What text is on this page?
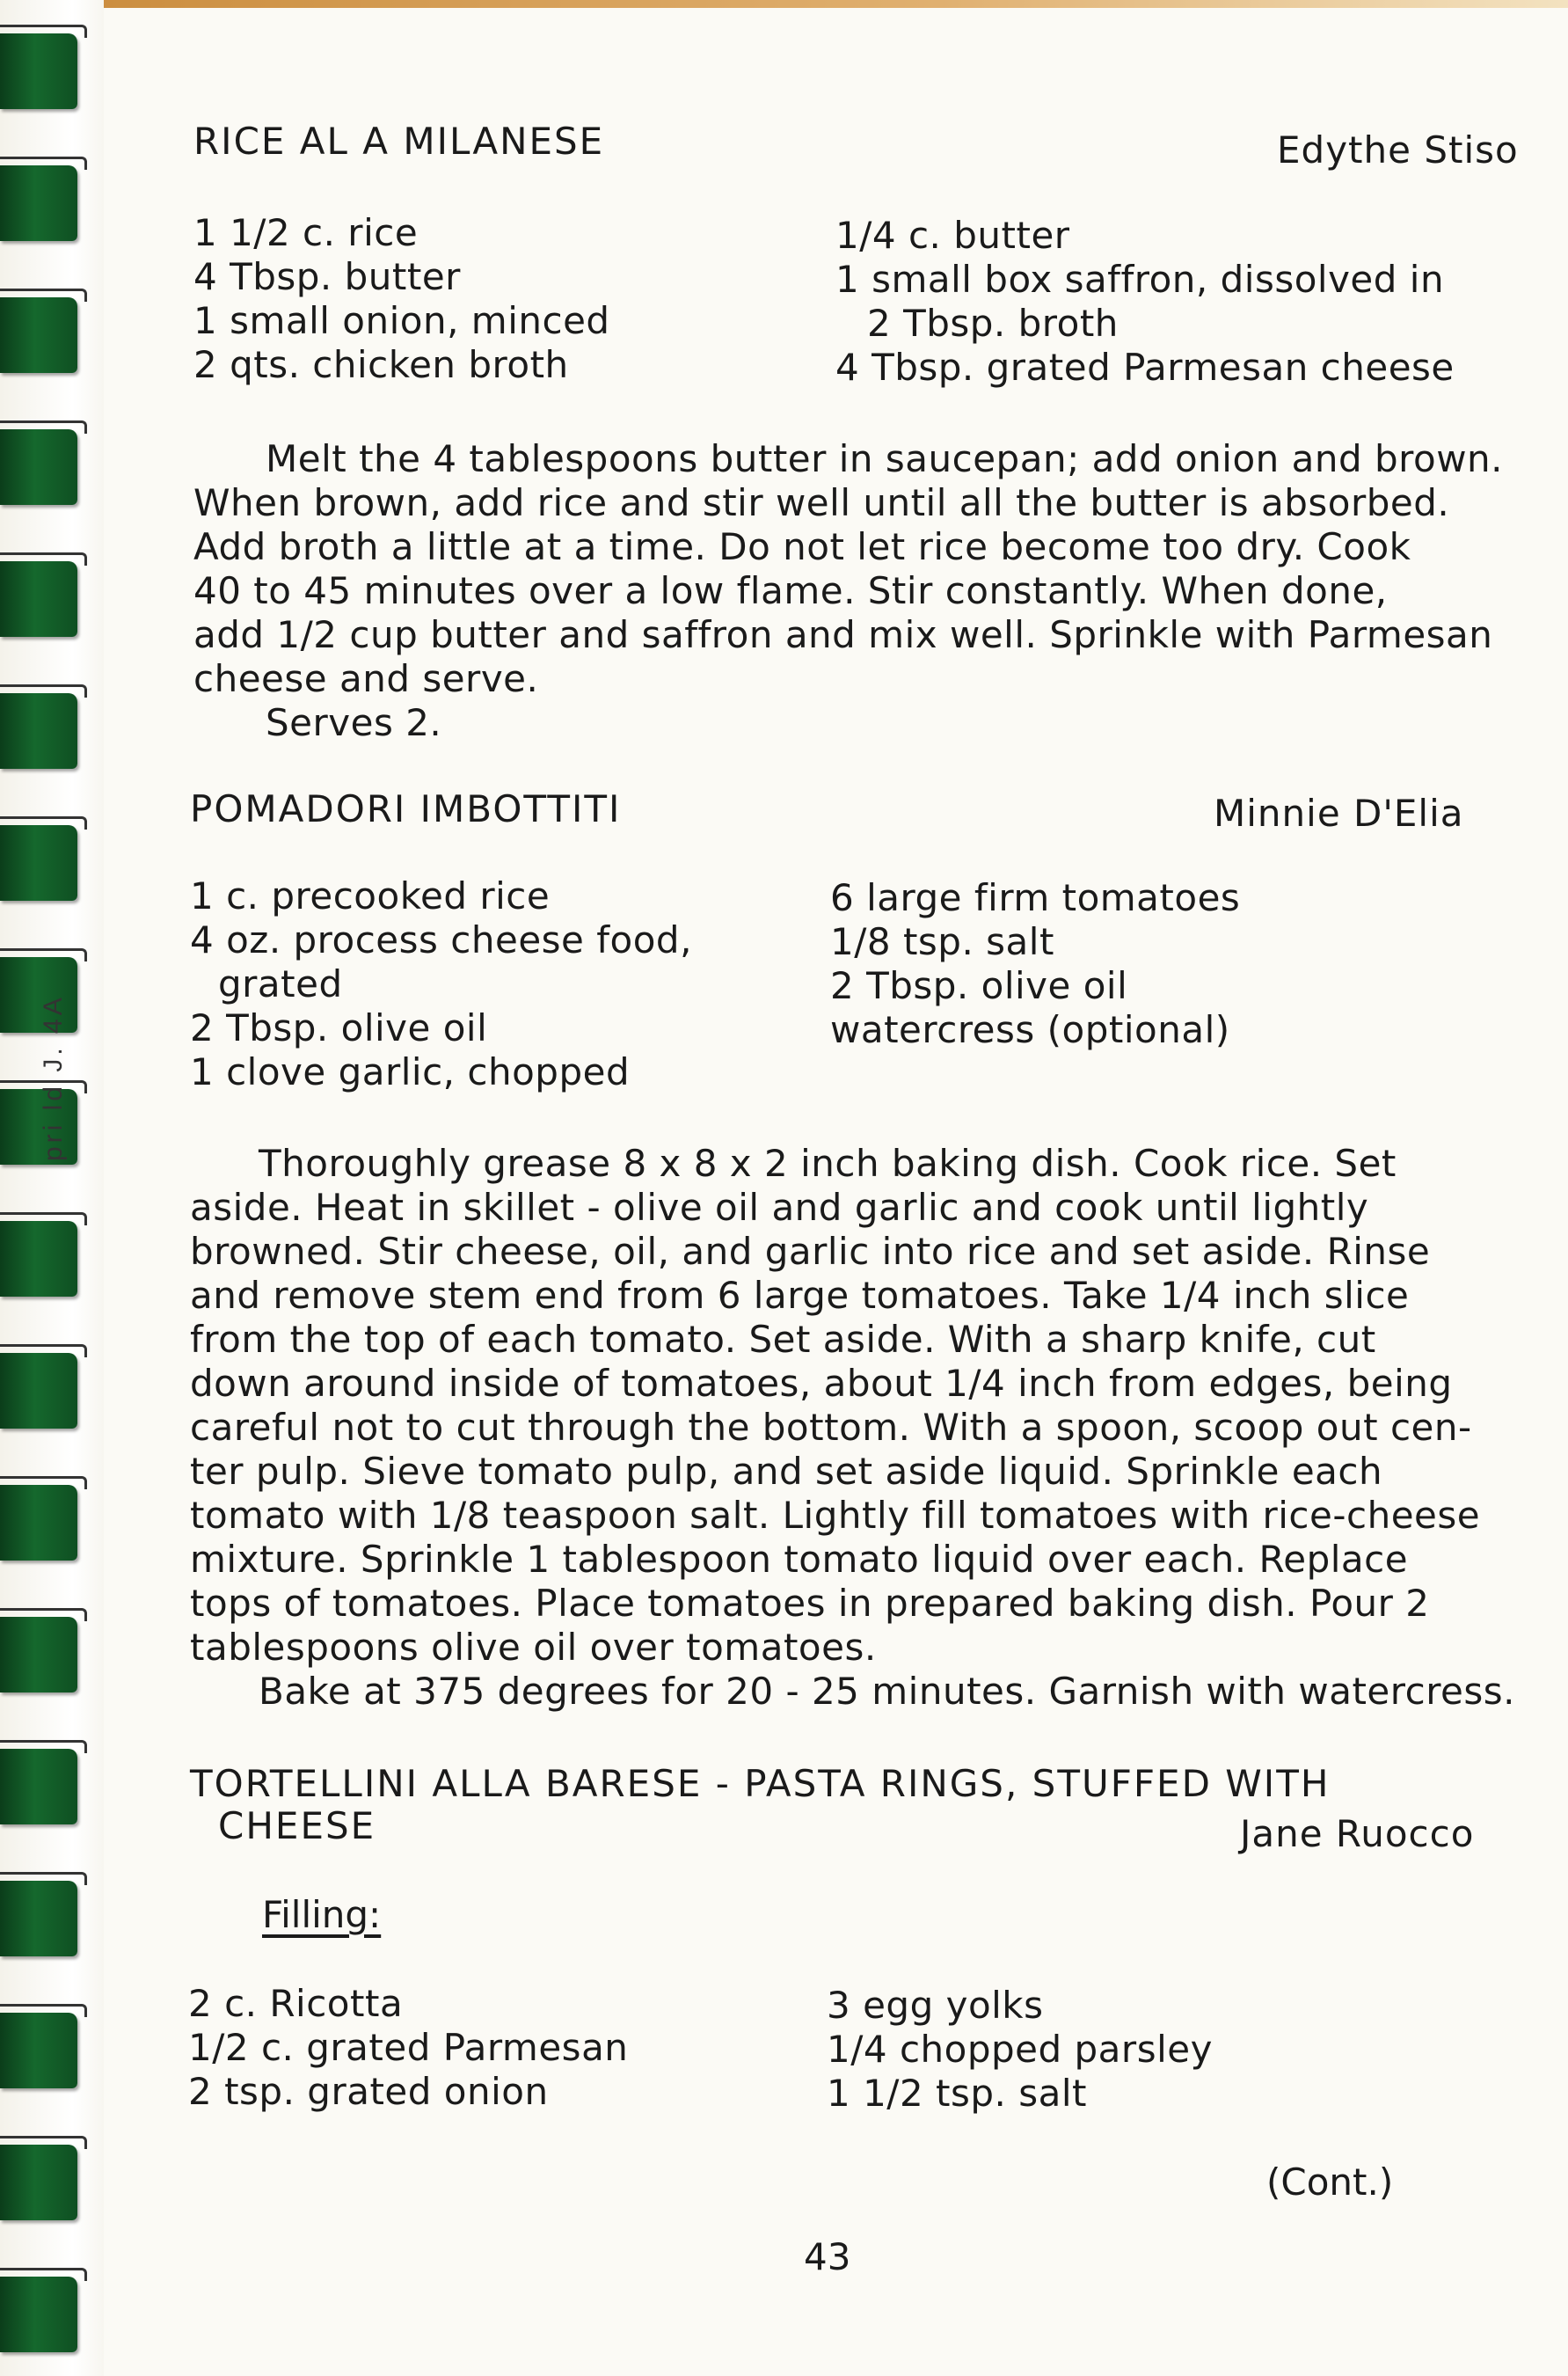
pri ld J. 4A
RICE AL A MILANESE	Edythe Stiso
1 1/2 c. rice
4 Tbsp. butter
1 small onion, minced
2 qts. chicken broth
1/4 c. butter
1 small box saffron, dissolved in
2 Tbsp. broth
4 Tbsp. grated Parmesan cheese
Melt the 4 tablespoons butter in saucepan; add onion and brown.
When brown, add rice and stir well until all the butter is absorbed.
Add broth a little at a time. Do not let rice become too dry. Cook
40 to 45 minutes over a low flame. Stir constantly. When done,
add 1/2 cup butter and saffron and mix well. Sprinkle with Parmesan
cheese and serve.
Serves 2.
POMADORI IMBOTTITI	Minnie D'Elia
1 c. precooked rice
4 oz. process cheese food,
grated
2 Tbsp. olive oil
1 clove garlic, chopped
6 large firm tomatoes
1/8 tsp. salt
2 Tbsp. olive oil
watercress (optional)
Thoroughly grease 8 x 8 x 2 inch baking dish. Cook rice. Set
aside. Heat in skillet - olive oil and garlic and cook until lightly
browned. Stir cheese, oil, and garlic into rice and set aside. Rinse
and remove stem end from 6 large tomatoes. Take 1/4 inch slice
from the top of each tomato. Set aside. With a sharp knife, cut
down around inside of tomatoes, about 1/4 inch from edges, being
careful not to cut through the bottom. With a spoon, scoop out cen-
ter pulp. Sieve tomato pulp, and set aside liquid. Sprinkle each
tomato with 1/8 teaspoon salt. Lightly fill tomatoes with rice-cheese
mixture. Sprinkle 1 tablespoon tomato liquid over each. Replace
tops of tomatoes. Place tomatoes in prepared baking dish. Pour 2
tablespoons olive oil over tomatoes.
Bake at 375 degrees for 20 - 25 minutes. Garnish with watercress.
TORTELLINI ALLA BARESE - PASTA RINGS, STUFFED WITH
CHEESE	Jane Ruocco
Filling:
2 c. Ricotta
1/2 c. grated Parmesan
2 tsp. grated onion
3 egg yolks
1/4 chopped parsley
1 1/2 tsp. salt
(Cont.)
43
